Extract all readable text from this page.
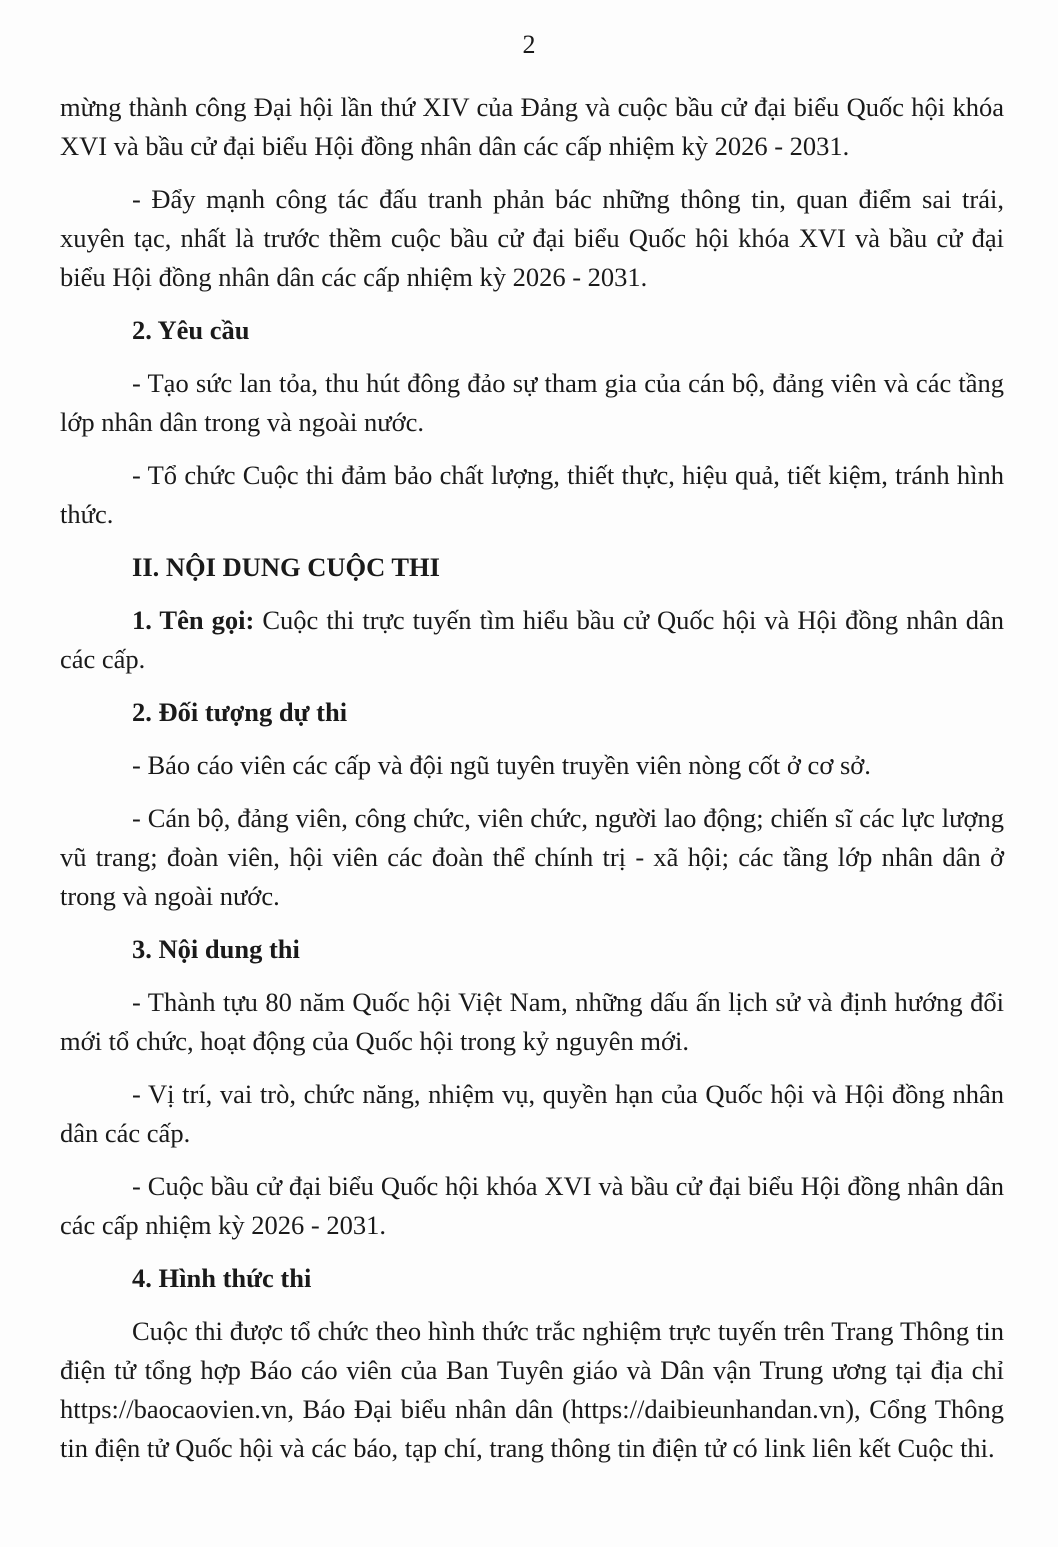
2

mừng thành công Đại hội lần thứ XIV của Đảng và cuộc bầu cử đại biểu Quốc hội khóa XVI và bầu cử đại biểu Hội đồng nhân dân các cấp nhiệm kỳ 2026 - 2031.

- Đẩy mạnh công tác đấu tranh phản bác những thông tin, quan điểm sai trái, xuyên tạc, nhất là trước thềm cuộc bầu cử đại biểu Quốc hội khóa XVI và bầu cử đại biểu Hội đồng nhân dân các cấp nhiệm kỳ 2026 - 2031.

2. Yêu cầu

- Tạo sức lan tỏa, thu hút đông đảo sự tham gia của cán bộ, đảng viên và các tầng lớp nhân dân trong và ngoài nước.

- Tổ chức Cuộc thi đảm bảo chất lượng, thiết thực, hiệu quả, tiết kiệm, tránh hình thức.

II. NỘI DUNG CUỘC THI

1. Tên gọi: Cuộc thi trực tuyến tìm hiểu bầu cử Quốc hội và Hội đồng nhân dân các cấp.

2. Đối tượng dự thi

- Báo cáo viên các cấp và đội ngũ tuyên truyền viên nòng cốt ở cơ sở.

- Cán bộ, đảng viên, công chức, viên chức, người lao động; chiến sĩ các lực lượng vũ trang; đoàn viên, hội viên các đoàn thể chính trị - xã hội; các tầng lớp nhân dân ở trong và ngoài nước.

3. Nội dung thi

- Thành tựu 80 năm Quốc hội Việt Nam, những dấu ấn lịch sử và định hướng đổi mới tổ chức, hoạt động của Quốc hội trong kỷ nguyên mới.

- Vị trí, vai trò, chức năng, nhiệm vụ, quyền hạn của Quốc hội và Hội đồng nhân dân các cấp.

- Cuộc bầu cử đại biểu Quốc hội khóa XVI và bầu cử đại biểu Hội đồng nhân dân các cấp nhiệm kỳ 2026 - 2031.

4. Hình thức thi

Cuộc thi được tổ chức theo hình thức trắc nghiệm trực tuyến trên Trang Thông tin điện tử tổng hợp Báo cáo viên của Ban Tuyên giáo và Dân vận Trung ương tại địa chỉ https://baocaovien.vn, Báo Đại biểu nhân dân (https://daibieunhandan.vn), Cổng Thông tin điện tử Quốc hội và các báo, tạp chí, trang thông tin điện tử có link liên kết Cuộc thi.
